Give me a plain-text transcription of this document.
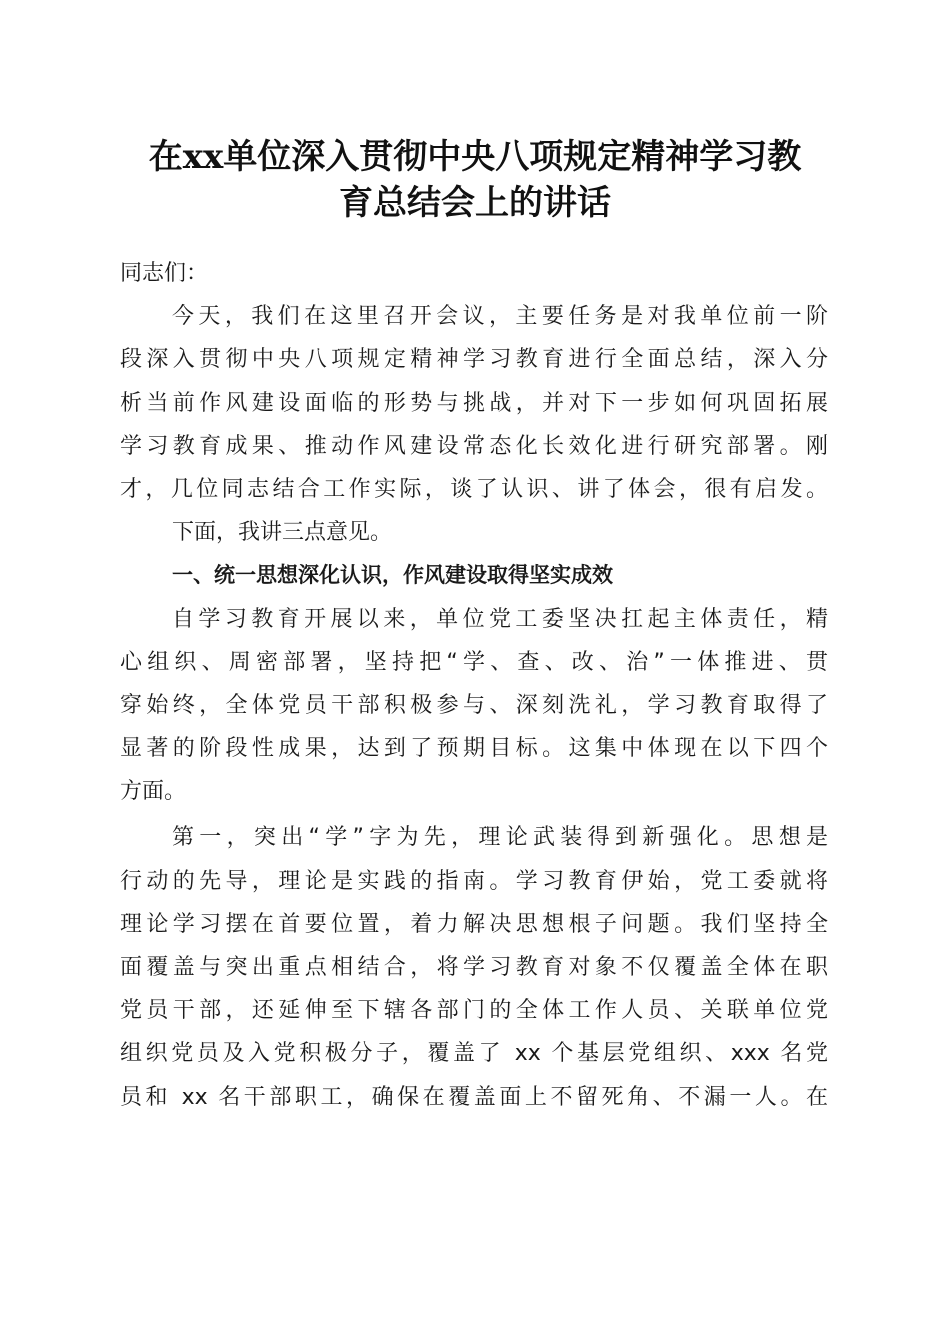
在xx单位深入贯彻中央八项规定精神学习教
育总结会上的讲话
同志们：
今天，我们在这里召开会议，主要任务是对我单位前一阶
段深入贯彻中央八项规定精神学习教育进行全面总结，深入分
析当前作风建设面临的形势与挑战，并对下一步如何巩固拓展
学习教育成果、推动作风建设常态化长效化进行研究部署。刚
才，几位同志结合工作实际，谈了认识、讲了体会，很有启发。
下面，我讲三点意见。
一、统一思想深化认识，作风建设取得坚实成效
自学习教育开展以来，单位党工委坚决扛起主体责任，精
心组织、周密部署，坚持把“学、查、改、治”一体推进、贯
穿始终，全体党员干部积极参与、深刻洗礼，学习教育取得了
显著的阶段性成果，达到了预期目标。这集中体现在以下四个
方面。
第一，突出“学”字为先，理论武装得到新强化。思想是
行动的先导，理论是实践的指南。学习教育伊始，党工委就将
理论学习摆在首要位置，着力解决思想根子问题。我们坚持全
面覆盖与突出重点相结合，将学习教育对象不仅覆盖全体在职
党员干部，还延伸至下辖各部门的全体工作人员、关联单位党
组织党员及入党积极分子，覆盖了 xx 个基层党组织、xxx 名党
员和 xx 名干部职工，确保在覆盖面上不留死角、不漏一人。在
